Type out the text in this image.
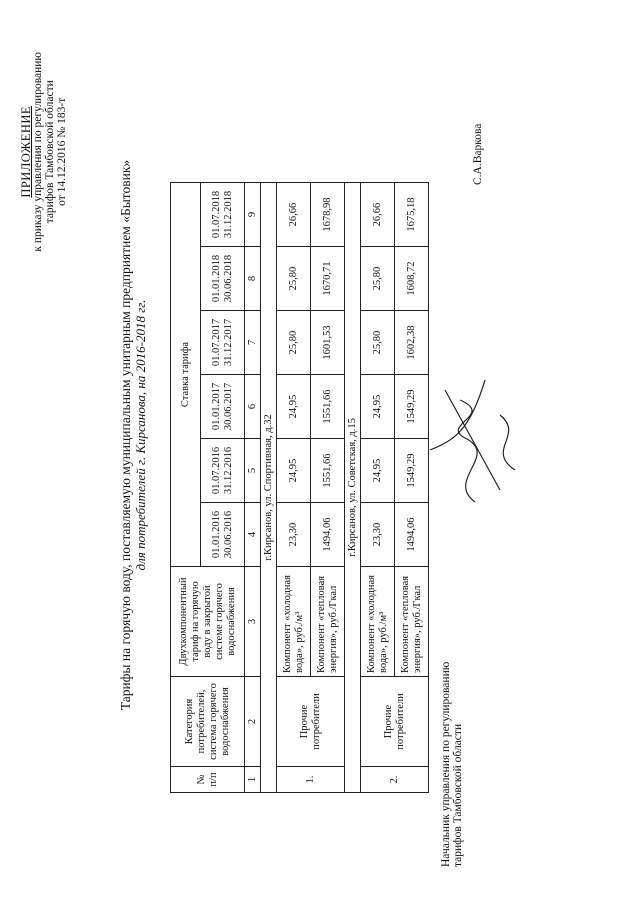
ПРИЛОЖЕНИЕ к приказу управления по регулированию тарифов Тамбовской области от 14.12.2016 № 183-т
Тарифы на горячую воду, поставляемую муниципальным унитарным предприятием «Бытовик» для потребителей г. Кирсанова, на 2016-2018 гг.
№ п/п	Категория потребителей, система горячего водоснабжения	Двухкомпонентный тариф на горячую воду в закрытой системе горячего водоснабжения	Ставка тарифа					

			01.01.2016 30.06.2016	01.07.2016 31.12.2016	01.01.2017 30.06.2017	01.07.2017 31.12.2017	01.01.2018 30.06.2018	01.07.2018 31.12.2018

1	2	3	4	5	6	7	8	9
г.Кирсанов, ул. Спортивная, д.32								
1.	Прочие потребители	Компонент «холодная вода», руб./м³	23,30	24,95	24,95	25,80	25,80	26,66
		Компонент «тепловая энергия», руб./Гкал	1494,06	1551,66	1551,66	1601,53	1670,71	1678,98
г.Кирсанов, ул. Советская, д.15								
2.	Прочие потребители	Компонент «холодная вода», руб./м³	23,30	24,95	24,95	25,80	25,80	26,66
		Компонент «тепловая энергия», руб./Гкал	1494,06	1549,29	1549,29	1602,38	1608,72	1675,18
Начальник управления по регулированию тарифов Тамбовской области
С.А.Варкова
